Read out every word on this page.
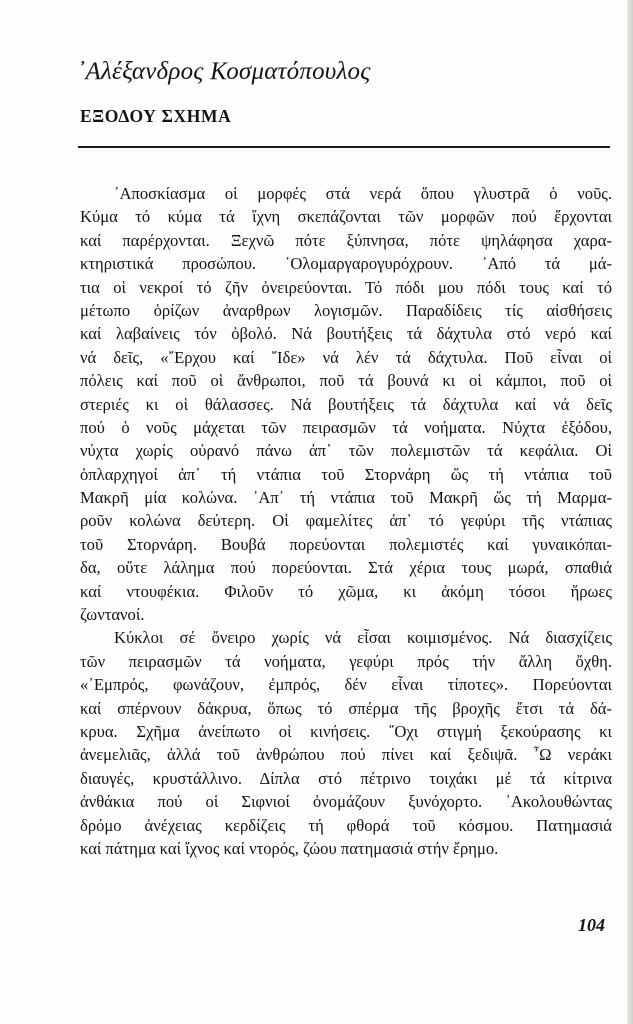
᾿Αλέξανδρος Κοσματόπουλος
ΕΞΟΔΟΥ ΣΧΗΜΑ
᾿Αποσκίασμα οἱ μορφές στά νερά ὅπου γλυστρᾶ ὁ νοῦς.
Κύμα τό κύμα τά ἴχνη σκεπάζονται τῶν μορφῶν πού ἔρχονται
καί παρέρχονται. Ξεχνῶ πότε ξύπνησα, πότε ψηλάφησα χαρα-
κτηριστικά προσώπου. ᾿Ολομαργαρογυρόχρουν. ᾿Από τά μά-
τια οἱ νεκροί τό ζῆν ὀνειρεύονται. Τό πόδι μου πόδι τους καί τό
μέτωπο ὁρίζων ἀναρθρων λογισμῶν. Παραδίδεις τίς αἰσθήσεις
καί λαβαίνεις τόν ὀβολό. Νά βουτήξεις τά δάχτυλα στό νερό καί
νά δεῖς, «῎Ερχου καί ῎Ιδε» νά λέν τά δάχτυλα. Ποῦ εἶναι οἱ
πόλεις καί ποῦ οἱ ἄνθρωποι, ποῦ τά βουνά κι οἱ κάμποι, ποῦ οἱ
στεριές κι οἱ θάλασσες. Νά βουτήξεις τά δάχτυλα καί νά δεῖς
πού ὁ νοῦς μάχεται τῶν πειρασμῶν τά νοήματα. Νύχτα ἐξόδου,
νύχτα χωρίς οὐρανό πάνω ἀπ᾿ τῶν πολεμιστῶν τά κεφάλια. Οἱ
ὁπλαρχηγοί ἀπ᾿ τή ντάπια τοῦ Στορνάρη ὥς τή ντάπια τοῦ
Μακρῆ μία κολώνα. ᾿Απ᾿ τή ντάπια τοῦ Μακρῆ ὥς τή Μαρμα-
ροῦν κολώνα δεύτερη. Οἱ φαμελίτες ἀπ᾿ τό γεφύρι τῆς ντάπιας
τοῦ Στορνάρη. Βουβά πορεύονται πολεμιστές καί γυναικόπαι-
δα, οὔτε λάλημα πού πορεύονται. Στά χέρια τους μωρά, σπαθιά
καί ντουφέκια. Φιλοῦν τό χῶμα, κι ἀκόμη τόσοι ἥρωες
ζωντανοί.
Κύκλοι σέ ὄνειρο χωρίς νά εἶσαι κοιμισμένος. Νά διασχίζεις
τῶν πειρασμῶν τά νοήματα, γεφύρι πρός τήν ἄλλη ὄχθη.
«᾿Εμπρός, φωνάζουν, ἐμπρός, δέν εἶναι τίποτες». Πορεύονται
καί σπέρνουν δάκρυα, ὅπως τό σπέρμα τῆς βροχῆς ἔτσι τά δά-
κρυα. Σχῆμα ἀνείπωτο οἱ κινήσεις. ῎Οχι στιγμή ξεκούρασης κι
ἀνεμελιᾶς, ἀλλά τοῦ ἀνθρώπου πού πίνει καί ξεδιψᾶ. ῏Ω νεράκι
διαυγές, κρυστάλλινο. Δίπλα στό πέτρινο τοιχάκι μέ τά κίτρινα
ἀνθάκια πού οἱ Σιφνιοί ὀνομάζουν ξυνόχορτο. ᾿Ακολουθώντας
δρόμο ἀνέχειας κερδίζεις τή φθορά τοῦ κόσμου. Πατημασιά
καί πάτημα καί ἴχνος καί ντορός, ζώου πατημασιά στήν ἔρημο.
104
